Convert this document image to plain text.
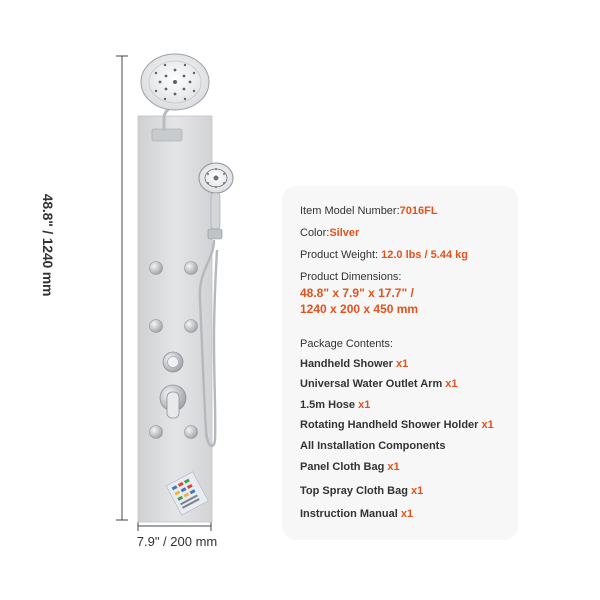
48.8" / 1240 mm
7.9" / 200 mm
Item Model Number:7016FL
Color:Silver
Product Weight: 12.0 lbs / 5.44 kg
Product Dimensions:
48.8" x 7.9" x 17.7" /
1240 x 200 x 450 mm
Package Contents:
Handheld Shower x1
Universal Water Outlet Arm x1
1.5m Hose x1
Rotating Handheld Shower Holder x1
All Installation Components
Panel Cloth Bag x1
Top Spray Cloth Bag x1
Instruction Manual x1
